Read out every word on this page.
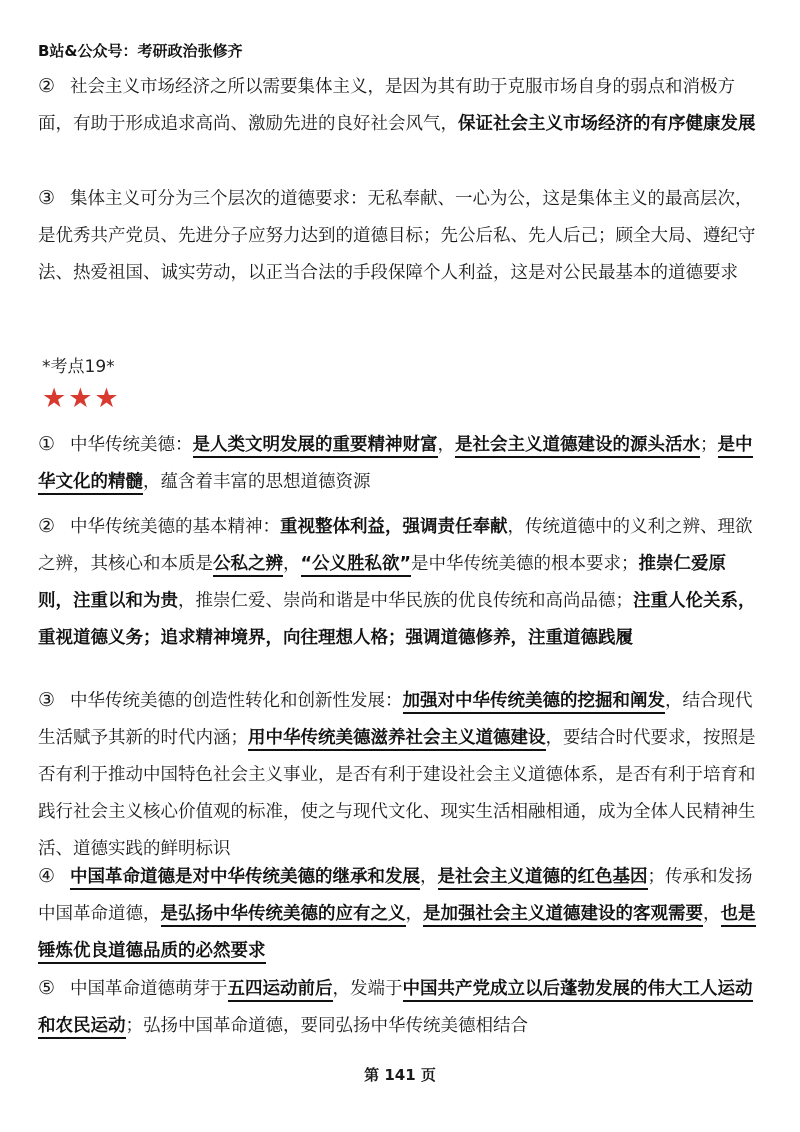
B站&公众号：考研政治张修齐
② 社会主义市场经济之所以需要集体主义，是因为其有助于克服市场自身的弱点和消极方面，有助于形成追求高尚、激励先进的良好社会风气，保证社会主义市场经济的有序健康发展
③ 集体主义可分为三个层次的道德要求：无私奉献、一心为公，这是集体主义的最高层次，是优秀共产党员、先进分子应努力达到的道德目标；先公后私、先人后己；顾全大局、遵纪守法、热爱祖国、诚实劳动，以正当合法的手段保障个人利益，这是对公民最基本的道德要求
*考点19*
★★★
① 中华传统美德：是人类文明发展的重要精神财富，是社会主义道德建设的源头活水；是中华文化的精髓，蕴含着丰富的思想道德资源
② 中华传统美德的基本精神：重视整体利益，强调责任奉献，传统道德中的义利之辨、理欲之辨，其核心和本质是公私之辨，“公义胜私欲”是中华传统美德的根本要求；推崇仁爱原则，注重以和为贵，推崇仁爱、崇尚和谐是中华民族的优良传统和高尚品德；注重人伦关系，重视道德义务；追求精神境界，向往理想人格；强调道德修养，注重道德践履
③ 中华传统美德的创造性转化和创新性发展：加强对中华传统美德的挖掘和阐发，结合现代生活赋予其新的时代内涵；用中华传统美德滋养社会主义道德建设，要结合时代要求，按照是否有利于推动中国特色社会主义事业，是否有利于建设社会主义道德体系，是否有利于培育和践行社会主义核心价值观的标准，使之与现代文化、现实生活相融相通，成为全体人民精神生活、道德实践的鲜明标识
④ 中国革命道德是对中华传统美德的继承和发展，是社会主义道德的红色基因；传承和发扬中国革命道德，是弘扬中华传统美德的应有之义，是加强社会主义道德建设的客观需要，也是锤炼优良道德品质的必然要求
⑤ 中国革命道德萌芽于五四运动前后，发端于中国共产党成立以后蓬勃发展的伟大工人运动和农民运动；弘扬中国革命道德，要同弘扬中华传统美德相结合
第 141 页
